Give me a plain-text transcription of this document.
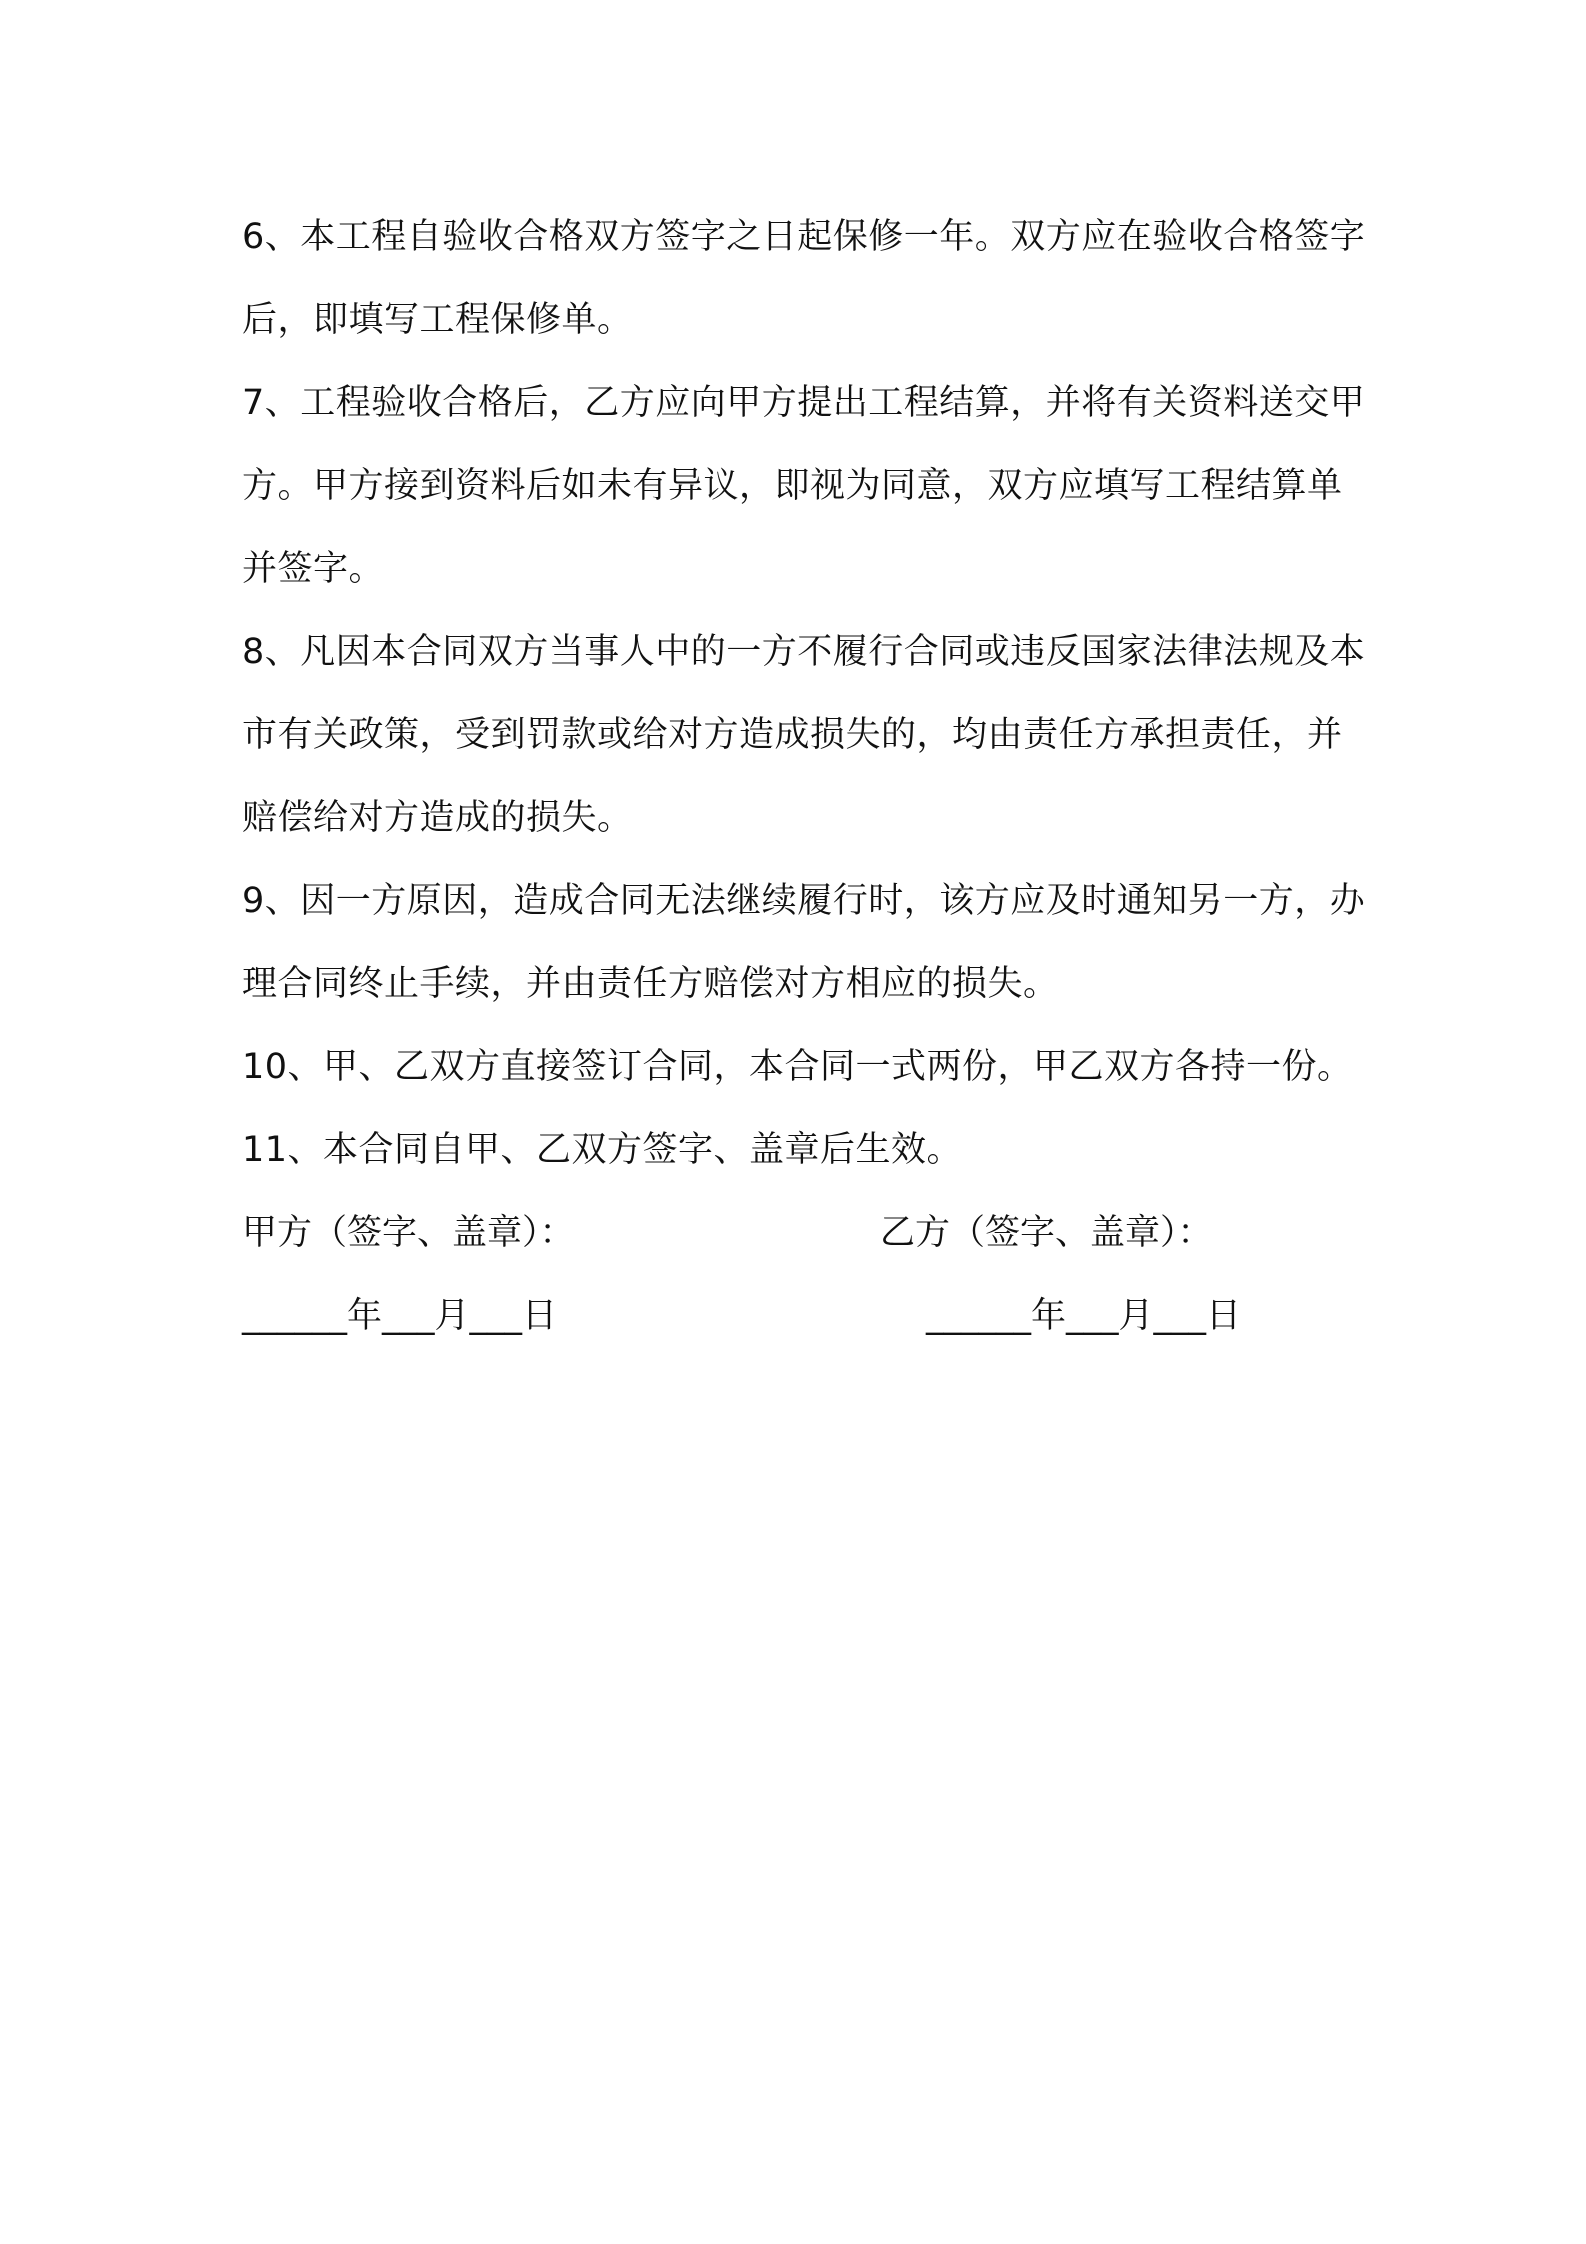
6、本工程自验收合格双方签字之日起保修一年。双方应在验收合格签字后，即填写工程保修单。

7、工程验收合格后，乙方应向甲方提出工程结算，并将有关资料送交甲方。甲方接到资料后如未有异议，即视为同意，双方应填写工程结算单并签字。

8、凡因本合同双方当事人中的一方不履行合同或违反国家法律法规及本市有关政策，受到罚款或给对方造成损失的，均由责任方承担责任，并赔偿给对方造成的损失。

9、因一方原因，造成合同无法继续履行时，该方应及时通知另一方，办理合同终止手续，并由责任方赔偿对方相应的损失。

10、甲、乙双方直接签订合同，本合同一式两份，甲乙双方各持一份。

11、本合同自甲、乙双方签字、盖章后生效。

甲方（签字、盖章）：	乙方（签字、盖章）：
______年___月___日	______年___月___日
